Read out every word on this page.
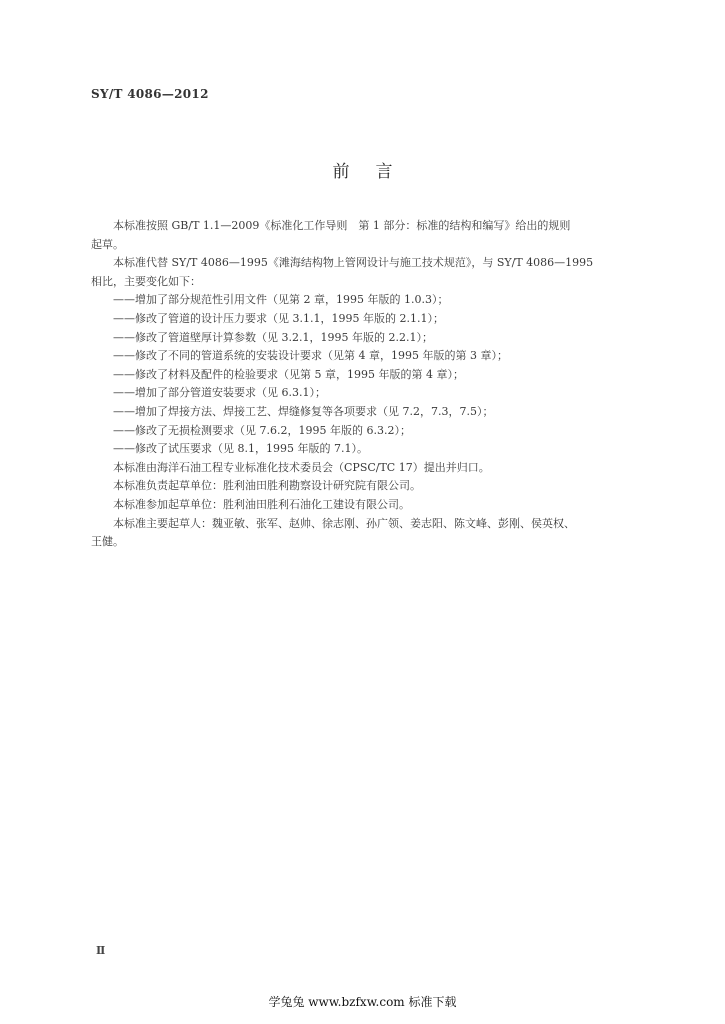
SY/T 4086—2012
前言

本标准按照 GB/T 1.1—2009《标准化工作导则　第 1 部分：标准的结构和编写》给出的规则

起草。

本标准代替 SY/T 4086—1995《滩海结构物上管网设计与施工技术规范》，与 SY/T 4086—1995

相比，主要变化如下：

——增加了部分规范性引用文件（见第 2 章，1995 年版的 1.0.3）；

——修改了管道的设计压力要求（见 3.1.1，1995 年版的 2.1.1）；

——修改了管道壁厚计算参数（见 3.2.1，1995 年版的 2.2.1）；

——修改了不同的管道系统的安装设计要求（见第 4 章，1995 年版的第 3 章）；

——修改了材料及配件的检验要求（见第 5 章，1995 年版的第 4 章）；

——增加了部分管道安装要求（见 6.3.1）；

——增加了焊接方法、焊接工艺、焊缝修复等各项要求（见 7.2，7.3，7.5）；

——修改了无损检测要求（见 7.6.2，1995 年版的 6.3.2）；

——修改了试压要求（见 8.1，1995 年版的 7.1）。

本标准由海洋石油工程专业标准化技术委员会（CPSC/TC 17）提出并归口。

本标准负责起草单位：胜利油田胜利勘察设计研究院有限公司。

本标准参加起草单位：胜利油田胜利石油化工建设有限公司。

本标准主要起草人：魏亚敏、张军、赵帅、徐志刚、孙广领、姜志阳、陈文峰、彭刚、侯英权、

王健。

Ⅱ
学兔兔 www.bzfxw.com 标准下载
